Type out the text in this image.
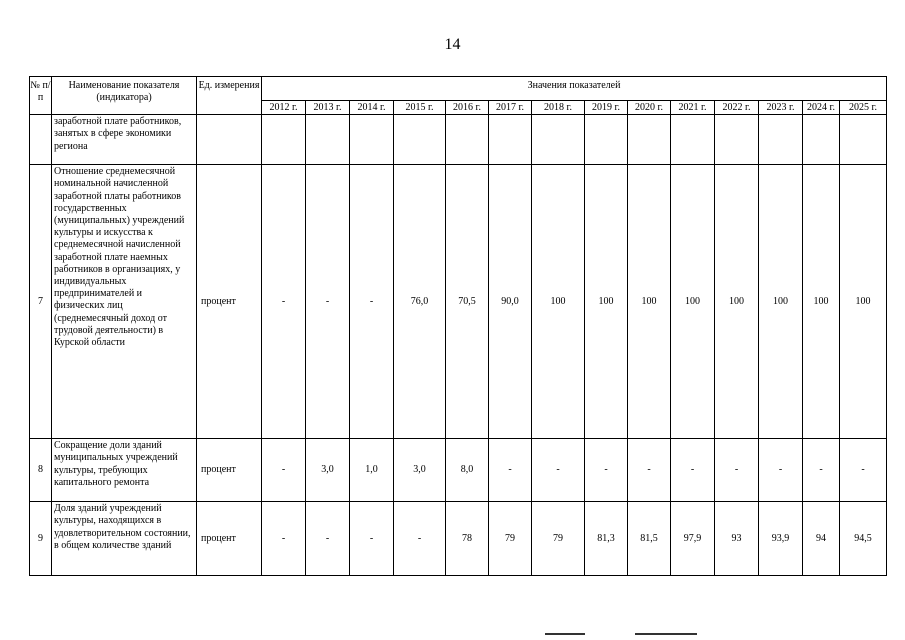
14
№ п/п	Наименование показателя (индикатора)	Ед. измерения	Значения показателей													
			2012 г.	2013 г.	2014 г.	2015 г.	2016 г.	2017 г.	2018 г.	2019 г.	2020 г.	2021 г.	2022 г.	2023 г.	2024 г.	2025 г.
	заработной плате работников, занятых в сфере экономики региона															
7	Отношение среднемесячной номинальной начисленной заработной платы работников государственных (муниципальных) учреждений культуры и искусства к среднемесячной начисленной заработной плате наемных работников в организациях, у индивидуальных предпринимателей и физических лиц (среднемесячный доход от трудовой деятельности) в Курской области	процент	-	-	-	76,0	70,5	90,0	100	100	100	100	100	100	100	100
8	Сокращение доли зданий муниципальных учреждений культуры, требующих капитального ремонта	процент	-	3,0	1,0	3,0	8,0	-	-	-	-	-	-	-	-	-
9	Доля зданий учреждений культуры, находящихся в удовлетворительном состоянии, в общем количестве зданий	процент	-	-	-	-	78	79	79	81,3	81,5	97,9	93	93,9	94	94,5
